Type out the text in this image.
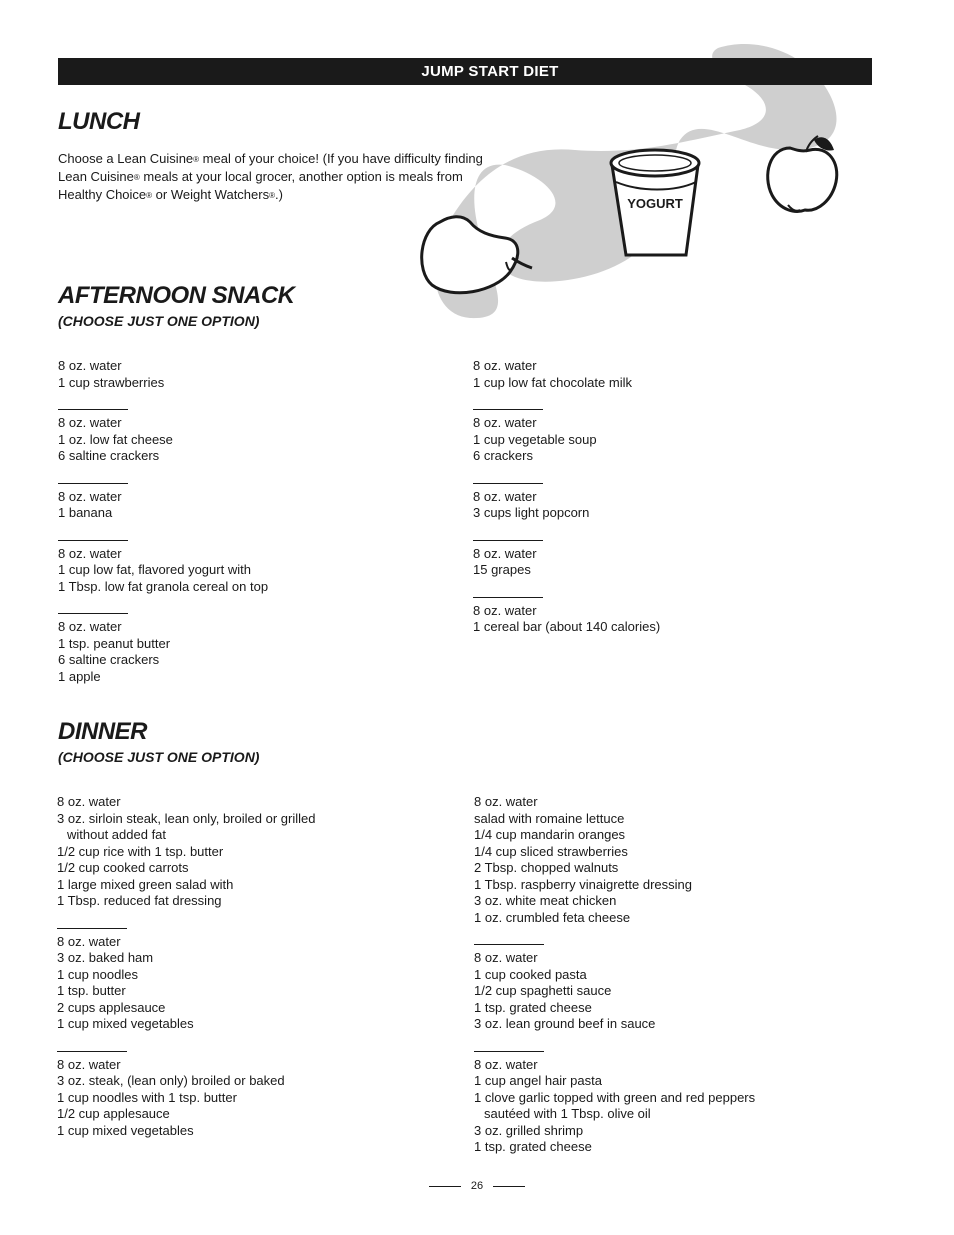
YOGURT
JUMP START DIET
LUNCH
Choose a Lean Cuisine® meal of your choice! (If you have difficulty finding Lean Cuisine® meals at your local grocer, another option is meals from Healthy Choice® or Weight Watchers®.)
AFTERNOON SNACK
(CHOOSE JUST ONE OPTION)
8 oz. water
1 cup strawberries
8 oz. water
1 oz. low fat cheese
6 saltine crackers
8 oz. water
1 banana
8 oz. water
1 cup low fat, flavored yogurt with
1 Tbsp. low fat granola cereal on top
8 oz. water
1 tsp. peanut butter
6 saltine crackers
1 apple
8 oz. water
1 cup low fat chocolate milk
8 oz. water
1 cup vegetable soup
6 crackers
8 oz. water
3 cups light popcorn
8 oz. water
15 grapes
8 oz. water
1 cereal bar (about 140 calories)
DINNER
(CHOOSE JUST ONE OPTION)
8 oz. water
3 oz. sirloin steak, lean only, broiled or grilled
without added fat
1/2 cup rice with 1 tsp. butter
1/2 cup cooked carrots
1 large mixed green salad with
1 Tbsp. reduced fat dressing
8 oz. water
3 oz. baked ham
1 cup noodles
1 tsp. butter
2 cups applesauce
1 cup mixed vegetables
8 oz. water
3 oz. steak, (lean only) broiled or baked
1 cup noodles with 1 tsp. butter
1/2 cup applesauce
1 cup mixed vegetables
8 oz. water
salad with romaine lettuce
1/4 cup mandarin oranges
1/4 cup sliced strawberries
2 Tbsp. chopped walnuts
1 Tbsp. raspberry vinaigrette dressing
3 oz. white meat chicken
1 oz. crumbled feta cheese
8 oz. water
1 cup cooked pasta
1/2 cup spaghetti sauce
1 tsp. grated cheese
3 oz. lean ground beef in sauce
8 oz. water
1 cup angel hair pasta
1 clove garlic topped with green and red peppers
sautéed with 1 Tbsp. olive oil
3 oz. grilled shrimp
1 tsp. grated cheese
26
